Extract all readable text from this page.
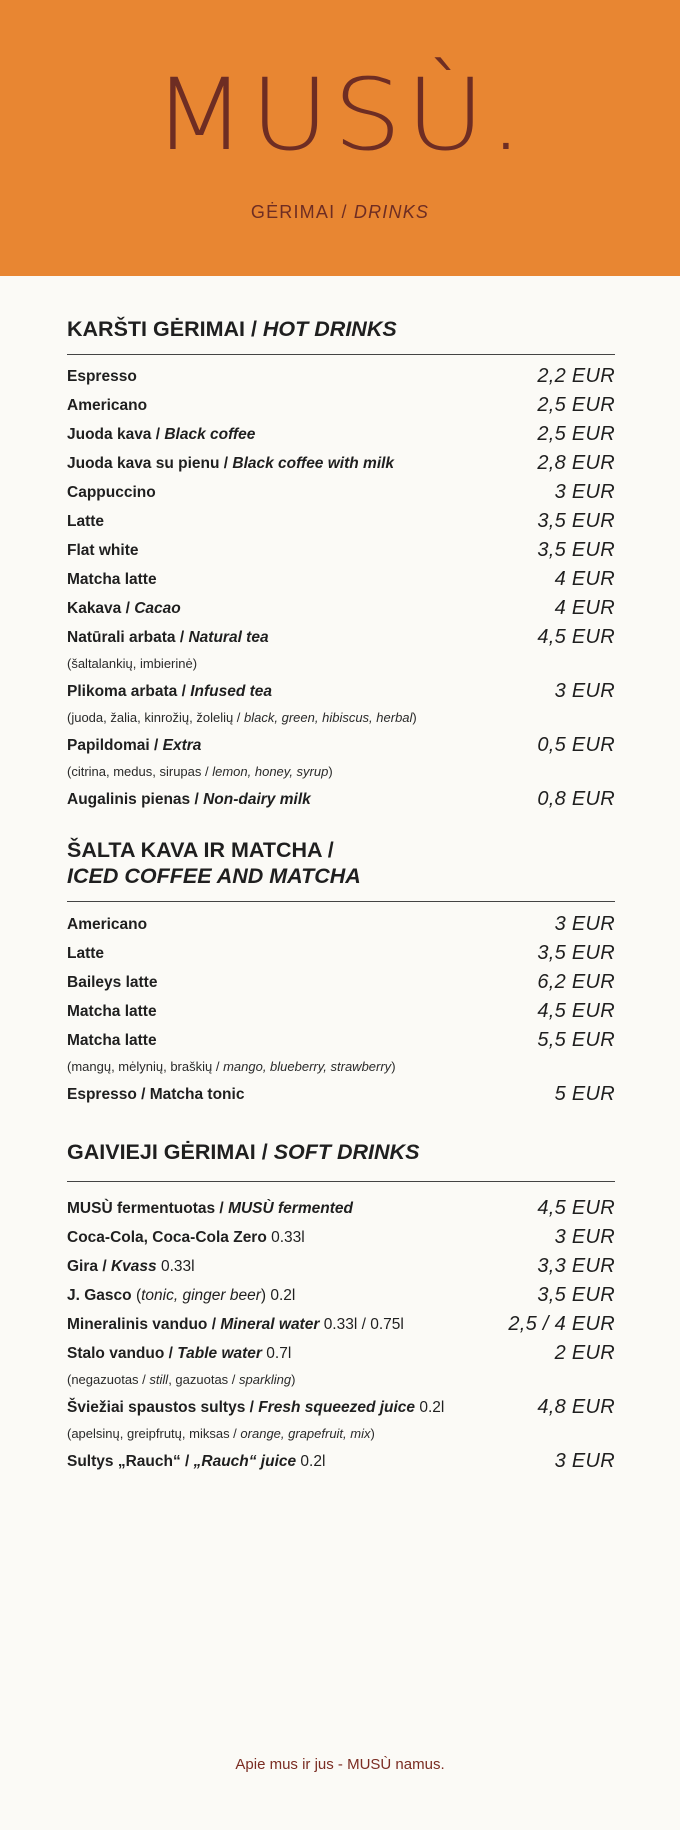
MUSÙ.
GĖRIMAI / DRINKS
KARŠTI GĖRIMAI / HOT DRINKS
Espresso	2,2 EUR
Americano	2,5 EUR
Juoda kava / Black coffee	2,5 EUR
Juoda kava su pienu / Black coffee with milk	2,8 EUR
Cappuccino	3 EUR
Latte	3,5 EUR
Flat white	3,5 EUR
Matcha latte	4 EUR
Kakava / Cacao	4 EUR
Natūrali arbata / Natural tea	4,5 EUR
(šaltalankių, imbierinė)
Plikoma arbata / Infused tea	3 EUR
(juoda, žalia, kinrožių, žolelių / black, green, hibiscus, herbal)
Papildomai / Extra	0,5 EUR
(citrina, medus, sirupas / lemon, honey, syrup)
Augalinis pienas / Non-dairy milk	0,8 EUR
ŠALTA KAVA IR MATCHA /
ICED COFFEE AND MATCHA
Americano	3 EUR
Latte	3,5 EUR
Baileys latte	6,2 EUR
Matcha latte	4,5 EUR
Matcha latte	5,5 EUR
(mangų, mėlynių, braškių / mango, blueberry, strawberry)
Espresso / Matcha tonic	5 EUR
GAIVIEJI GĖRIMAI / SOFT DRINKS
MUSÙ fermentuotas / MUSÙ fermented	4,5 EUR
Coca-Cola, Coca-Cola Zero 0.33l	3 EUR
Gira / Kvass 0.33l	3,3 EUR
J. Gasco (tonic, ginger beer) 0.2l	3,5 EUR
Mineralinis vanduo / Mineral water 0.33l / 0.75l	2,5 / 4 EUR
Stalo vanduo / Table water 0.7l	2 EUR
(negazuotas / still, gazuotas / sparkling)
Šviežiai spaustos sultys / Fresh squeezed juice 0.2l	4,8 EUR
(apelsinų, greipfrutų, miksas / orange, grapefruit, mix)
Sultys „Rauch“ / „Rauch“ juice 0.2l	3 EUR
Apie mus ir jus - MUSÙ namus.
